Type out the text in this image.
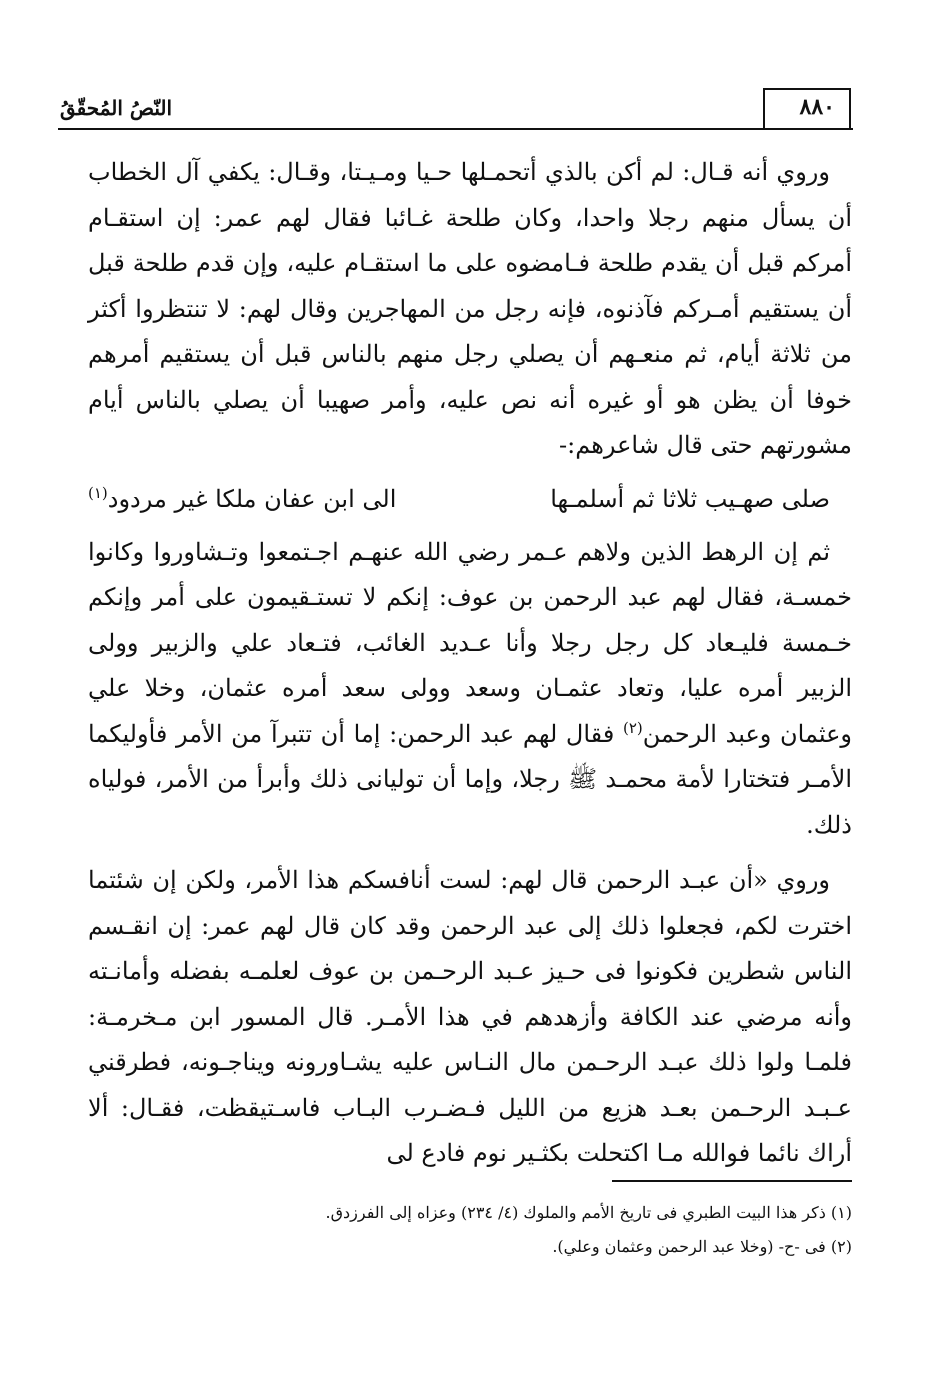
النّصُ المُحقّقُ	٨٨٠

وروي أنه قـال: لم أكن بالذي أتحمـلها حـيا ومـيـتا، وقـال: يكفي آل الخطاب أن يسأل منهم رجلا واحدا، وكان طلحة غـائبا فقال لهم عمر: إن استقـام أمركم قبل أن يقدم طلحة فـامضوه على ما استقـام عليه، وإن قدم طلحة قبل أن يستقيم أمـركم فآذنوه، فإنه رجل من المهاجرين وقال لهم: لا تنتظروا أكثر من ثلاثة أيام، ثم منعـهم أن يصلي رجل منهم بالناس قبل أن يستقيم أمرهم خوفا أن يظن هو أو غيره أنه نص عليه، وأمر صهيبا أن يصلي بالناس أيام مشورتهم حتى قال شاعرهم:-

صلى صهـيب ثلاثا ثم أسلمـها
الى ابن عفان ملكا غير مردود$^{(١)}$

ثم إن الرهط الذين ولاهم عـمر رضي الله عنهـم اجـتمعوا وتـشاوروا وكانوا خمسـة، فقال لهم عبد الرحمن بن عوف: إنكم لا تستـقيمون على أمر وإنكم خـمسة فليـعاد كل رجل رجلا وأنا عـديد الغائب، فتـعاد علي والزبير وولى الزبير أمره عليا، وتعاد عثمـان وسعد وولى سعد أمره عثمان، وخلا علي وعثمان وعبد الرحمن$^{(٢)}$ فقال لهم عبد الرحمن: إما أن تتبرآ من الأمر فأوليكما الأمـر فتختارا لأمة محمـد ﷺ رجلا، وإما أن توليانى ذلك وأبرأ من الأمر، فولياه ذلك.

وروي «أن عبـد الرحمن قال لهم: لست أنافسكم هذا الأمر، ولكن إن شئتما اخترت لكم، فجعلوا ذلك إلى عبد الرحمن وقد كان قال لهم عمر: إن انقـسم الناس شطرين فكونوا فى حـيز عـبد الرحـمن بن عوف لعلمـه بفضله وأمانـته وأنه مرضي عند الكافة وأزهدهم في هذا الأمـر. قال المسور ابن مـخرمـة: فلمـا ولوا ذلك عبـد الرحـمن مال النـاس عليه يشـاورونه ويناجـونه، فطرقني عـبـد الرحـمن بعـد هزيع من الليل فـضـرب البـاب فاسـتيقظت، فقـال: ألا أراك نائما فوالله مـا اكتحلت بكثـير نوم فادع لى

(١) ذكر هذا البيت الطبري فى تاريخ الأمم والملوك (٤/ ٢٣٤) وعزاه إلى الفرزدق.

(٢) فى -ح- (وخلا عبد الرحمن وعثمان وعلي).
